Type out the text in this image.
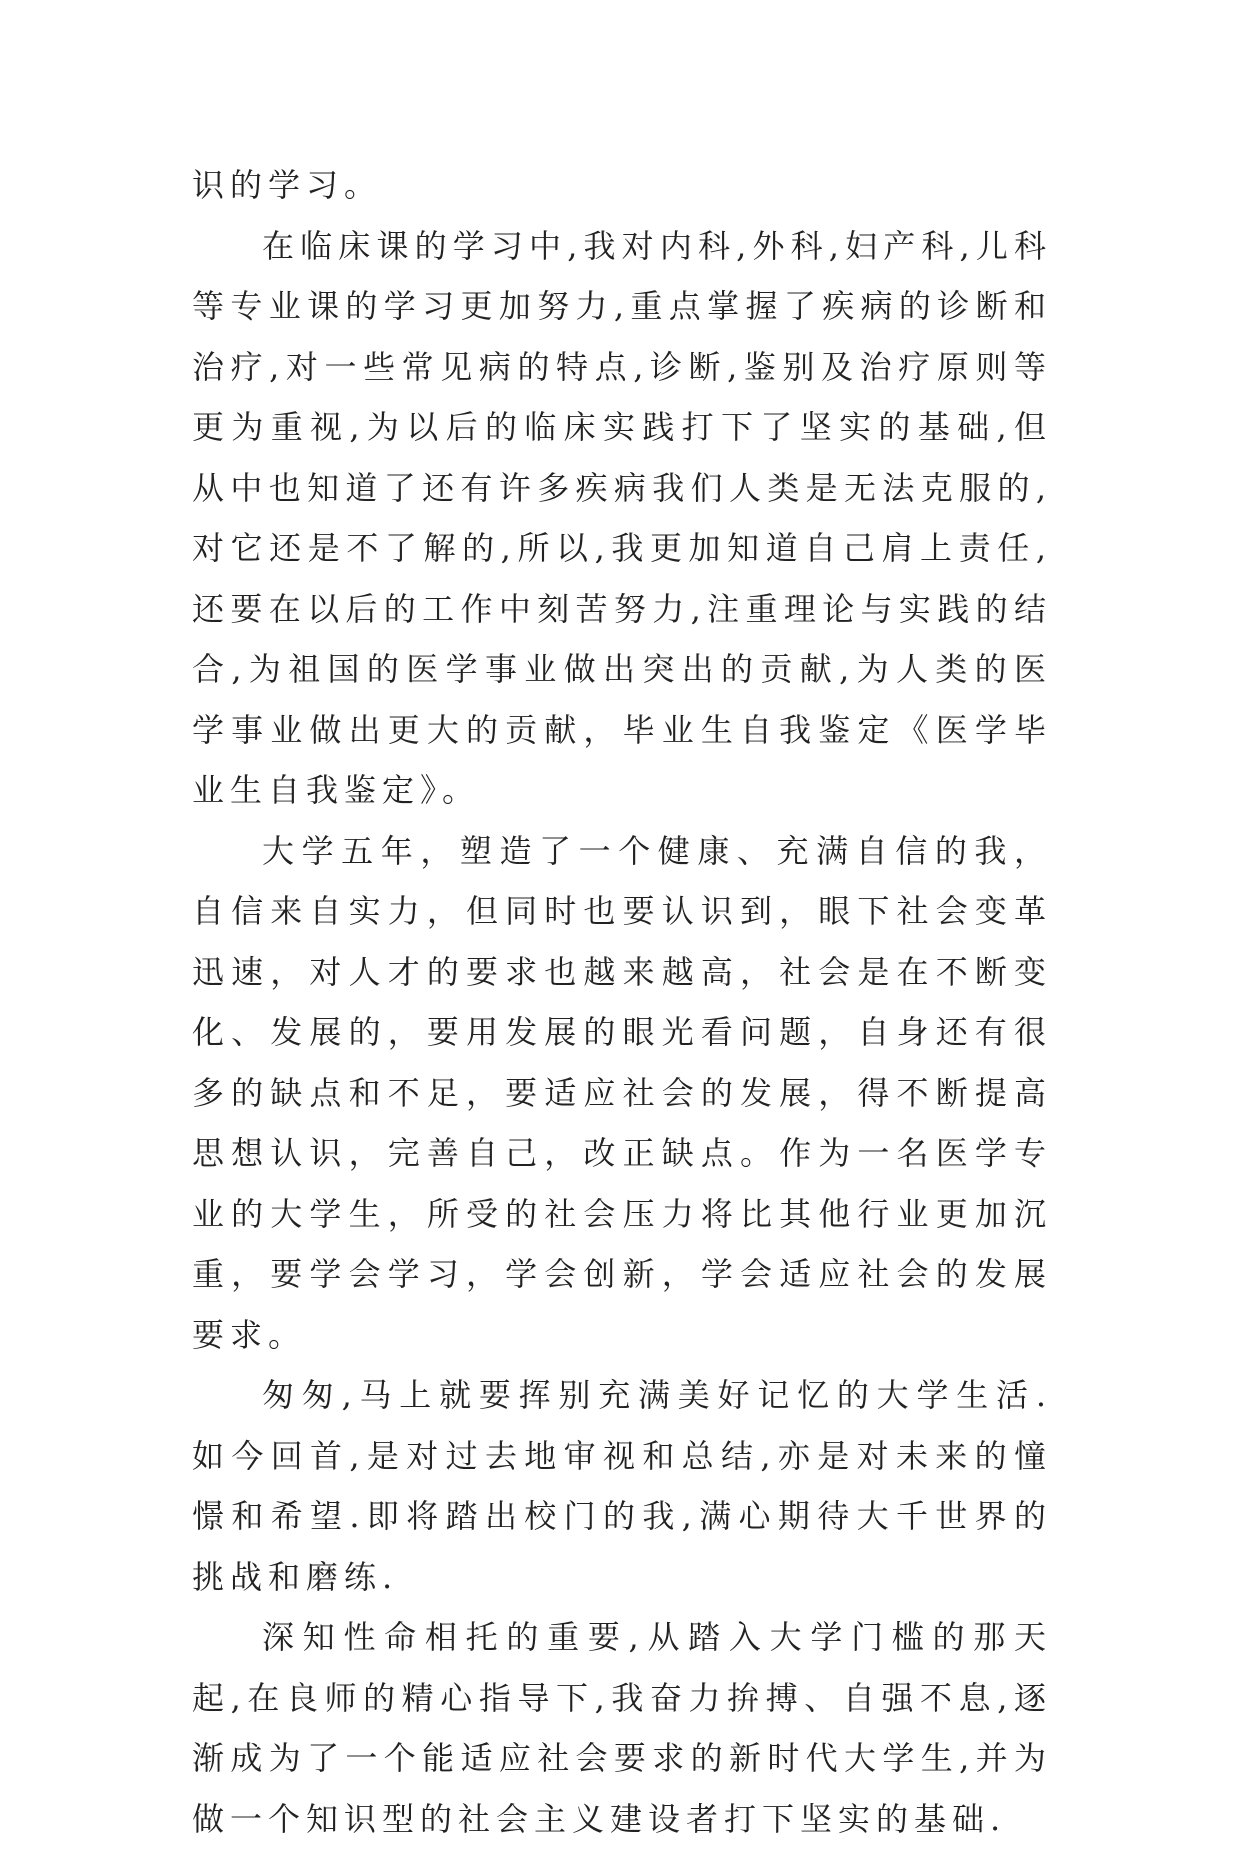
识的学习。

在临床课的学习中,我对内科,外科,妇产科,儿科等专业课的学习更加努力,重点掌握了疾病的诊断和治疗,对一些常见病的特点,诊断,鉴别及治疗原则等更为重视,为以后的临床实践打下了坚实的基础,但从中也知道了还有许多疾病我们人类是无法克服的,对它还是不了解的,所以,我更加知道自己肩上责任,还要在以后的工作中刻苦努力,注重理论与实践的结合,为祖国的医学事业做出突出的贡献,为人类的医学事业做出更大的贡献，毕业生自我鉴定《医学毕业生自我鉴定》。

大学五年，塑造了一个健康、充满自信的我，自信来自实力，但同时也要认识到，眼下社会变革迅速，对人才的要求也越来越高，社会是在不断变化、发展的，要用发展的眼光看问题，自身还有很多的缺点和不足，要适应社会的发展，得不断提高思想认识，完善自己，改正缺点。作为一名医学专业的大学生，所受的社会压力将比其他行业更加沉重，要学会学习，学会创新，学会适应社会的发展要求。

匆匆,马上就要挥别充满美好记忆的大学生活.如今回首,是对过去地审视和总结,亦是对未来的憧憬和希望.即将踏出校门的我,满心期待大千世界的挑战和磨练.

深知性命相托的重要,从踏入大学门槛的那天起,在良师的精心指导下,我奋力拚搏、自强不息,逐渐成为了一个能适应社会要求的新时代大学生,并为做一个知识型的社会主义建设者打下坚实的基础.
